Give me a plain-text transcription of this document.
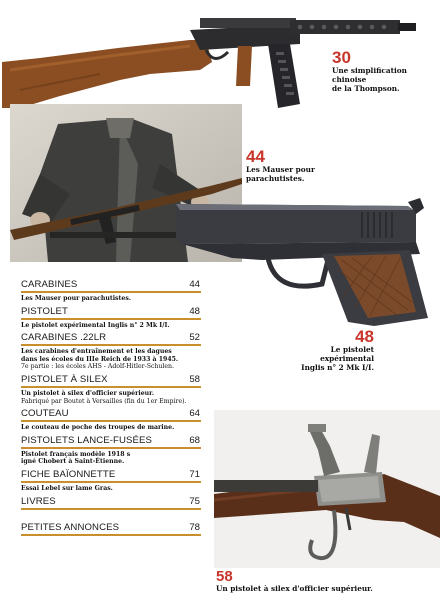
30
Une simplification
chinoise
de la Thompson.
44
Les Mauser pour
parachutistes.
48
Le pistolet
expérimental
Inglis n° 2 Mk I/I.
58
Un pistolet à silex d'officier supérieur.
CARABINES	44
Les Mauser pour parachutistes.
PISTOLET	48
Le pistolet expérimental Inglis n° 2 Mk I/I.
CARABINES .22LR	52
Les carabines d'entraînement et les dagues
dans les écoles du IIIe Reich de 1933 à 1945.
7e partie : les écoles AHS - Adolf-Hitler-Schulen.
PISTOLET À SILEX	58
Un pistolet à silex d'officier supérieur.
Fabriqué par Boutet à Versailles (fin du 1er Empire).
COUTEAU	64
Le couteau de poche des troupes de marine.
PISTOLETS LANCE-FUSÉES	68
Pistolet français modèle 1918 s
igné Chobert à Saint-Étienne.
FICHE BAÏONNETTE	71
Essai Lebel sur lame Gras.
LIVRES	75
PETITES ANNONCES	78
